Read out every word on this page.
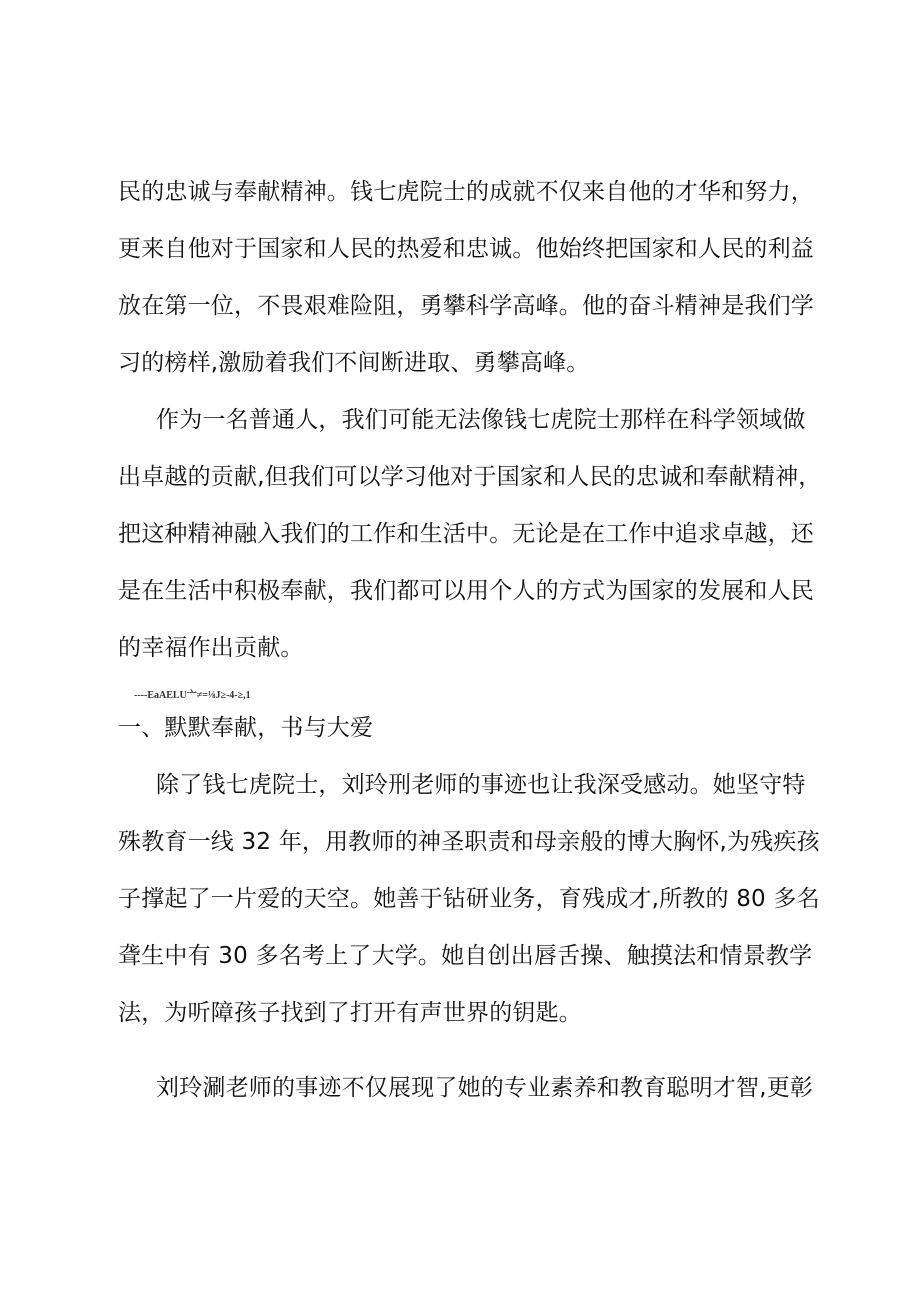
民的忠诚与奉献精神。钱七虎院士的成就不仅来自他的才华和努力，
更来自他对于国家和人民的热爱和忠诚。他始终把国家和人民的利益
放在第一位，不畏艰难险阻，勇攀科学高峰。他的奋斗精神是我们学
习的榜样,激励着我们不间断进取、勇攀高峰。
作为一名普通人，我们可能无法像钱七虎院士那样在科学领域做
出卓越的贡献,但我们可以学习他对于国家和人民的忠诚和奉献精神，
把这种精神融入我们的工作和生活中。无论是在工作中追求卓越，还
是在生活中积极奉献，我们都可以用个人的方式为国家的发展和人民
的幸福作出贡献。
----EaAELU亠≠=⅛J≥-4-≥,1
一、默默奉献，书与大爱
除了钱七虎院士，刘玲刑老师的事迹也让我深受感动。她坚守特
殊教育一线 32 年，用教师的神圣职责和母亲般的博大胸怀,为残疾孩
子撑起了一片爱的天空。她善于钻研业务，育残成才,所教的 80 多名
聋生中有 30 多名考上了大学。她自创出唇舌操、触摸法和情景教学
法，为听障孩子找到了打开有声世界的钥匙。
刘玲涮老师的事迹不仅展现了她的专业素养和教育聪明才智,更彰
